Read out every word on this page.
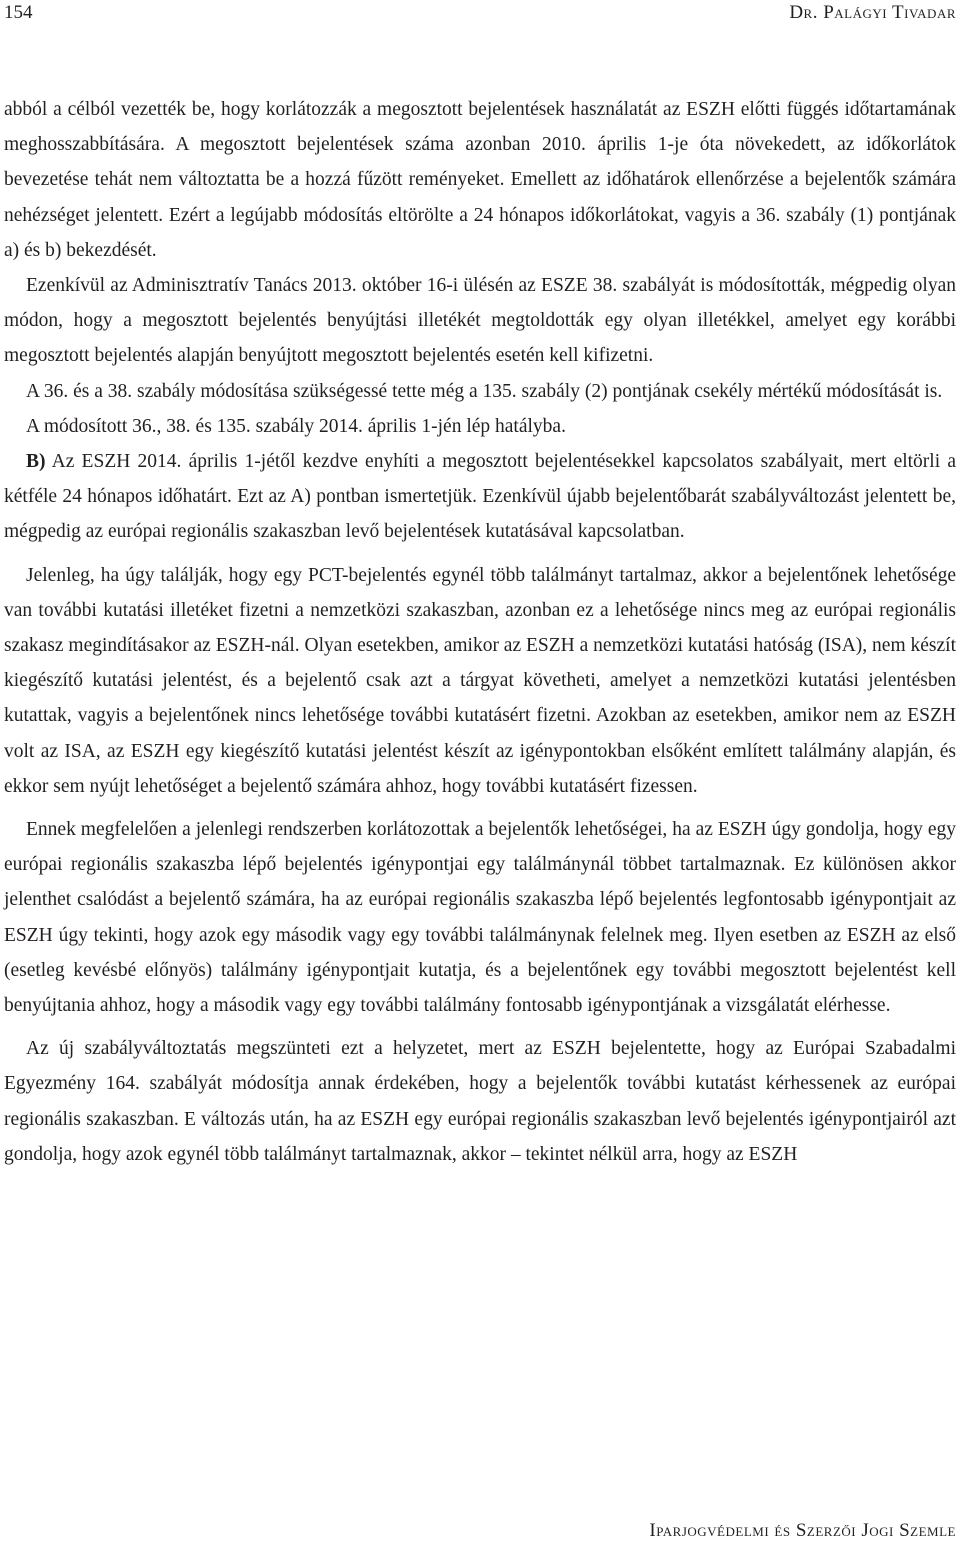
154	Dr. Palágyi Tivadar

abból a célból vezették be, hogy korlátozzák a megosztott bejelentések használatát az ESZH előtti függés időtartamának meghosszabbítására. A megosztott bejelentések száma azonban 2010. április 1-je óta növekedett, az időkorlátok bevezetése tehát nem változtatta be a hozzá fűzött reményeket. Emellett az időhatárok ellenőrzése a bejelentők számára nehézséget jelentett. Ezért a legújabb módosítás eltörölte a 24 hónapos időkorlátokat, vagyis a 36. szabály (1) pontjának a) és b) bekezdését.

Ezenkívül az Adminisztratív Tanács 2013. október 16-i ülésén az ESZE 38. szabályát is módosították, mégpedig olyan módon, hogy a megosztott bejelentés benyújtási illetékét megtoldották egy olyan illetékkel, amelyet egy korábbi megosztott bejelentés alapján benyújtott megosztott bejelentés esetén kell kifizetni.

A 36. és a 38. szabály módosítása szükségessé tette még a 135. szabály (2) pontjának csekély mértékű módosítását is.

A módosított 36., 38. és 135. szabály 2014. április 1-jén lép hatályba.

B) Az ESZH 2014. április 1-jétől kezdve enyhíti a megosztott bejelentésekkel kapcsolatos szabályait, mert eltörli a kétféle 24 hónapos időhatárt. Ezt az A) pontban ismertetjük. Ezenkívül újabb bejelentőbarát szabályváltozást jelentett be, mégpedig az európai regionális szakaszban levő bejelentések kutatásával kapcsolatban.

Jelenleg, ha úgy találják, hogy egy PCT-bejelentés egynél több találmányt tartalmaz, akkor a bejelentőnek lehetősége van további kutatási illetéket fizetni a nemzetközi szakaszban, azonban ez a lehetősége nincs meg az európai regionális szakasz megindításakor az ESZH-nál. Olyan esetekben, amikor az ESZH a nemzetközi kutatási hatóság (ISA), nem készít kiegészítő kutatási jelentést, és a bejelentő csak azt a tárgyat követheti, amelyet a nemzetközi kutatási jelentésben kutattak, vagyis a bejelentőnek nincs lehetősége további kutatásért fizetni. Azokban az esetekben, amikor nem az ESZH volt az ISA, az ESZH egy kiegészítő kutatási jelentést készít az igénypontokban elsőként említett találmány alapján, és ekkor sem nyújt lehetőséget a bejelentő számára ahhoz, hogy további kutatásért fizessen.

Ennek megfelelően a jelenlegi rendszerben korlátozottak a bejelentők lehetőségei, ha az ESZH úgy gondolja, hogy egy európai regionális szakaszba lépő bejelentés igénypontjai egy találmánynál többet tartalmaznak. Ez különösen akkor jelenthet csalódást a bejelentő számára, ha az európai regionális szakaszba lépő bejelentés legfontosabb igénypontjait az ESZH úgy tekinti, hogy azok egy második vagy egy további találmánynak felelnek meg. Ilyen esetben az ESZH az első (esetleg kevésbé előnyös) találmány igénypontjait kutatja, és a bejelentőnek egy további megosztott bejelentést kell benyújtania ahhoz, hogy a második vagy egy további találmány fontosabb igénypontjának a vizsgálatát elérhesse.

Az új szabályváltoztatás megszünteti ezt a helyzetet, mert az ESZH bejelentette, hogy az Európai Szabadalmi Egyezmény 164. szabályát módosítja annak érdekében, hogy a bejelentők további kutatást kérhessenek az európai regionális szakaszban. E változás után, ha az ESZH egy európai regionális szakaszban levő bejelentés igénypontjairól azt gondolja, hogy azok egynél több találmányt tartalmaznak, akkor – tekintet nélkül arra, hogy az ESZH

Iparjogvédelmi és Szerzői Jogi Szemle
